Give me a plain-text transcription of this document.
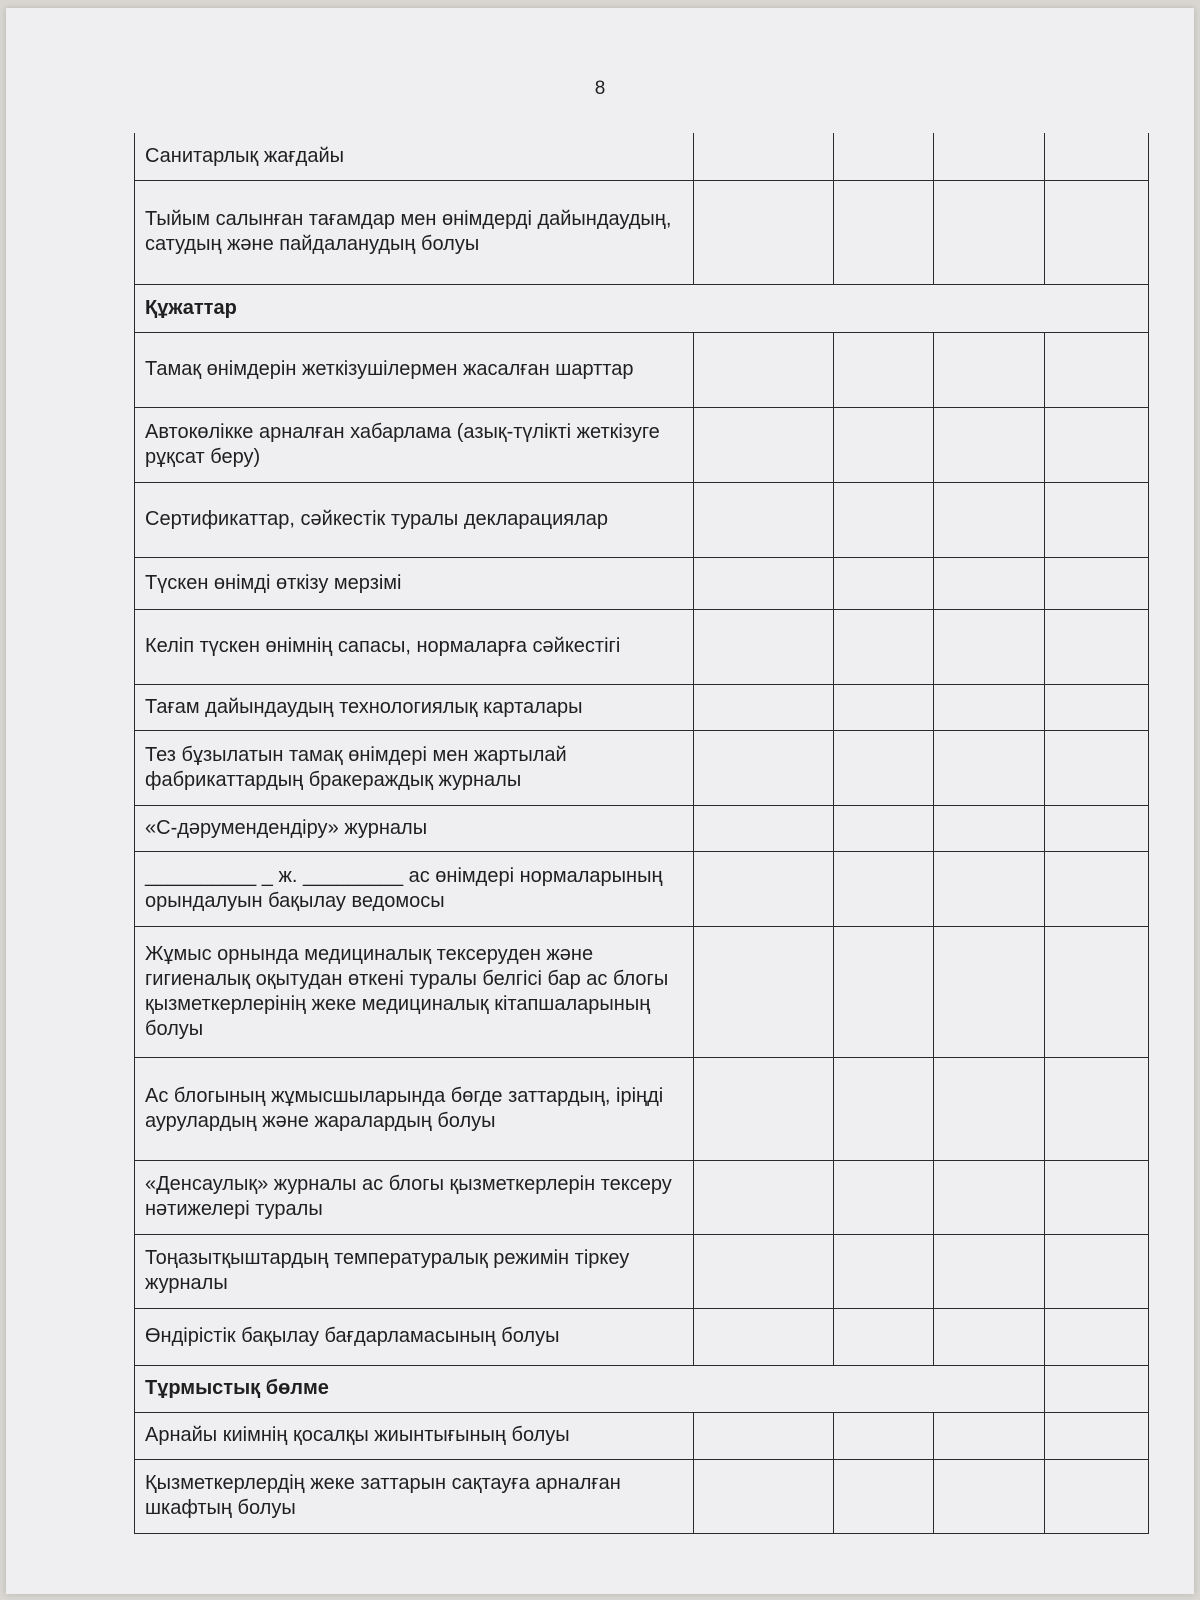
8
Санитарлық жағдайы				
Тыйым салынған тағамдар мен өнімдерді дайындаудың, сатудың және пайдаланудың болуы				
Құжаттар				
Тамақ өнімдерін жеткізушілермен жасалған шарттар				
Автокөлікке арналған хабарлама (азық-түлікті жеткізуге рұқсат беру)				
Сертификаттар, сәйкестік туралы декларациялар				
Түскен өнімді өткізу мерзімі				
Келіп түскен өнімнің сапасы, нормаларға сәйкестігі				
Тағам дайындаудың технологиялық карталары				
Тез бұзылатын тамақ өнімдері мен жартылай фабрикаттардың бракераждық журналы				
«С-дәрумендендіру» журналы				
__________ _ ж. _________ ас өнімдері нормаларының орындалуын бақылау ведомосы				
Жұмыс орнында медициналық тексеруден және гигиеналық оқытудан өткені туралы белгісі бар ас блогы қызметкерлерінің жеке медициналық кітапшаларының болуы				
Ас блогының жұмысшыларында бөгде заттардың, іріңді аурулардың және жаралардың болуы				
«Денсаулық» журналы ас блогы қызметкерлерін тексеру нәтижелері туралы				
Тоңазытқыштардың температуралық режимін тіркеу журналы				
Өндірістік бақылау бағдарламасының болуы				
Тұрмыстық бөлме				
Арнайы киімнің қосалқы жиынтығының болуы				
Қызметкерлердің жеке заттарын сақтауға арналған шкафтың болуы				
